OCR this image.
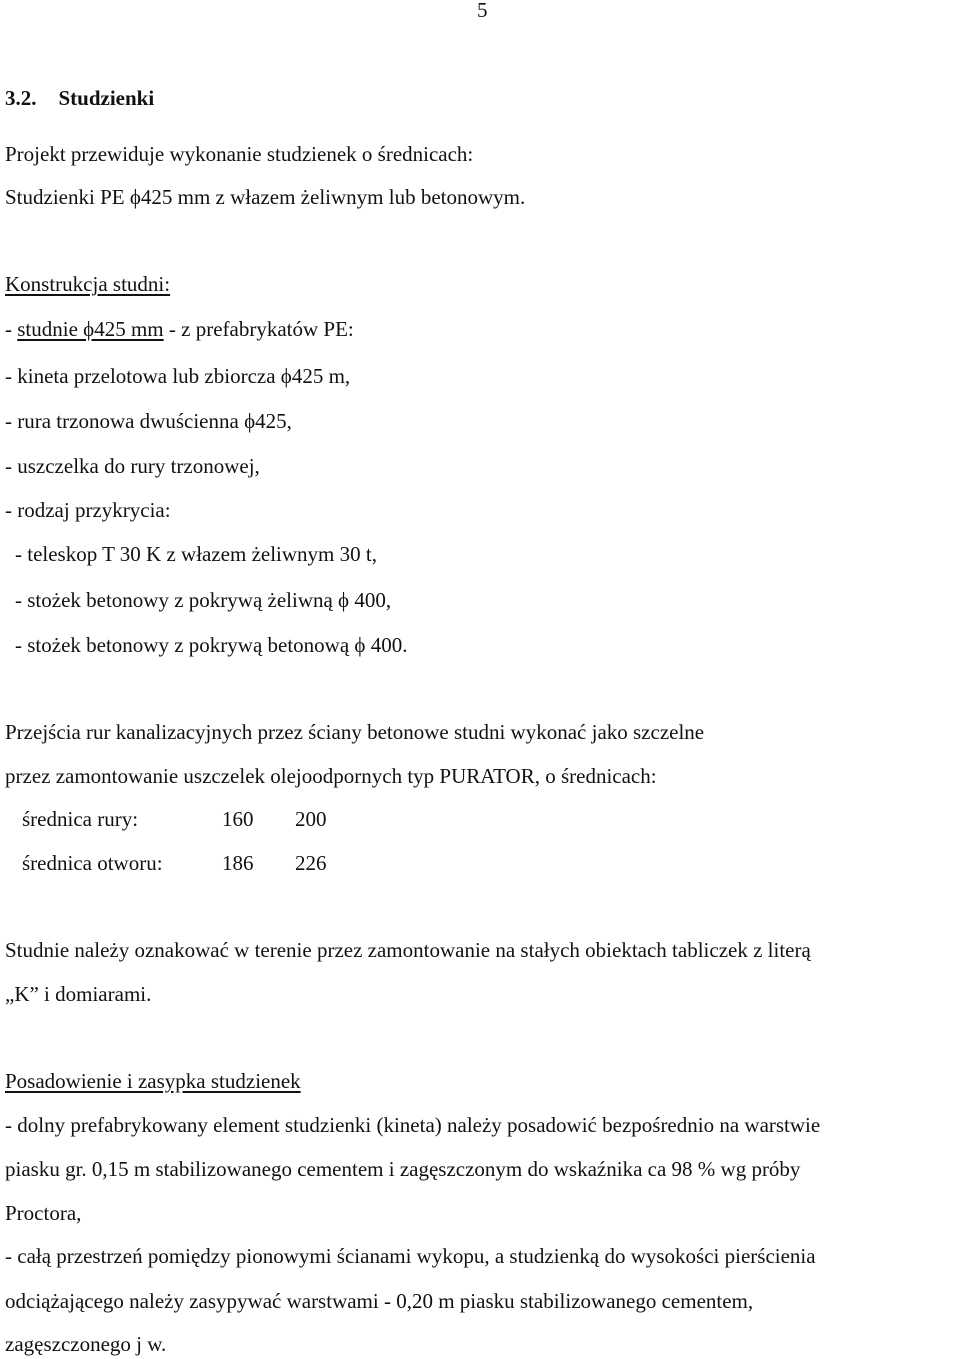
5
3.2. Studzienki
Projekt przewiduje wykonanie studzienek o średnicach:
Studzienki PE ϕ425 mm z włazem żeliwnym lub betonowym.
Konstrukcja studni:
- studnie ϕ425 mm - z prefabrykatów PE:
- kineta przelotowa lub zbiorcza ϕ425 m,
- rura trzonowa dwuścienna ϕ425,
- uszczelka do rury trzonowej,
- rodzaj przykrycia:
- teleskop T 30 K z włazem żeliwnym 30 t,
- stożek betonowy z pokrywą żeliwną ϕ 400,
- stożek betonowy z pokrywą betonową ϕ 400.
Przejścia rur kanalizacyjnych przez ściany betonowe studni wykonać jako szczelne
przez zamontowanie uszczelek olejoodpornych typ PURATOR, o średnicach:
średnica rury:	160 200
średnica otworu:	186 226
Studnie należy oznakować w terenie przez zamontowanie na stałych obiektach tabliczek z literą
„K” i domiarami.
Posadowienie i zasypka studzienek
- dolny prefabrykowany element studzienki (kineta) należy posadowić bezpośrednio na warstwie
piasku gr. 0,15 m stabilizowanego cementem i zagęszczonym do wskaźnika ca 98 % wg próby
Proctora,
- całą przestrzeń pomiędzy pionowymi ścianami wykopu, a studzienką do wysokości pierścienia
odciążającego należy zasypywać warstwami - 0,20 m piasku stabilizowanego cementem,
zagęszczonego j w.
